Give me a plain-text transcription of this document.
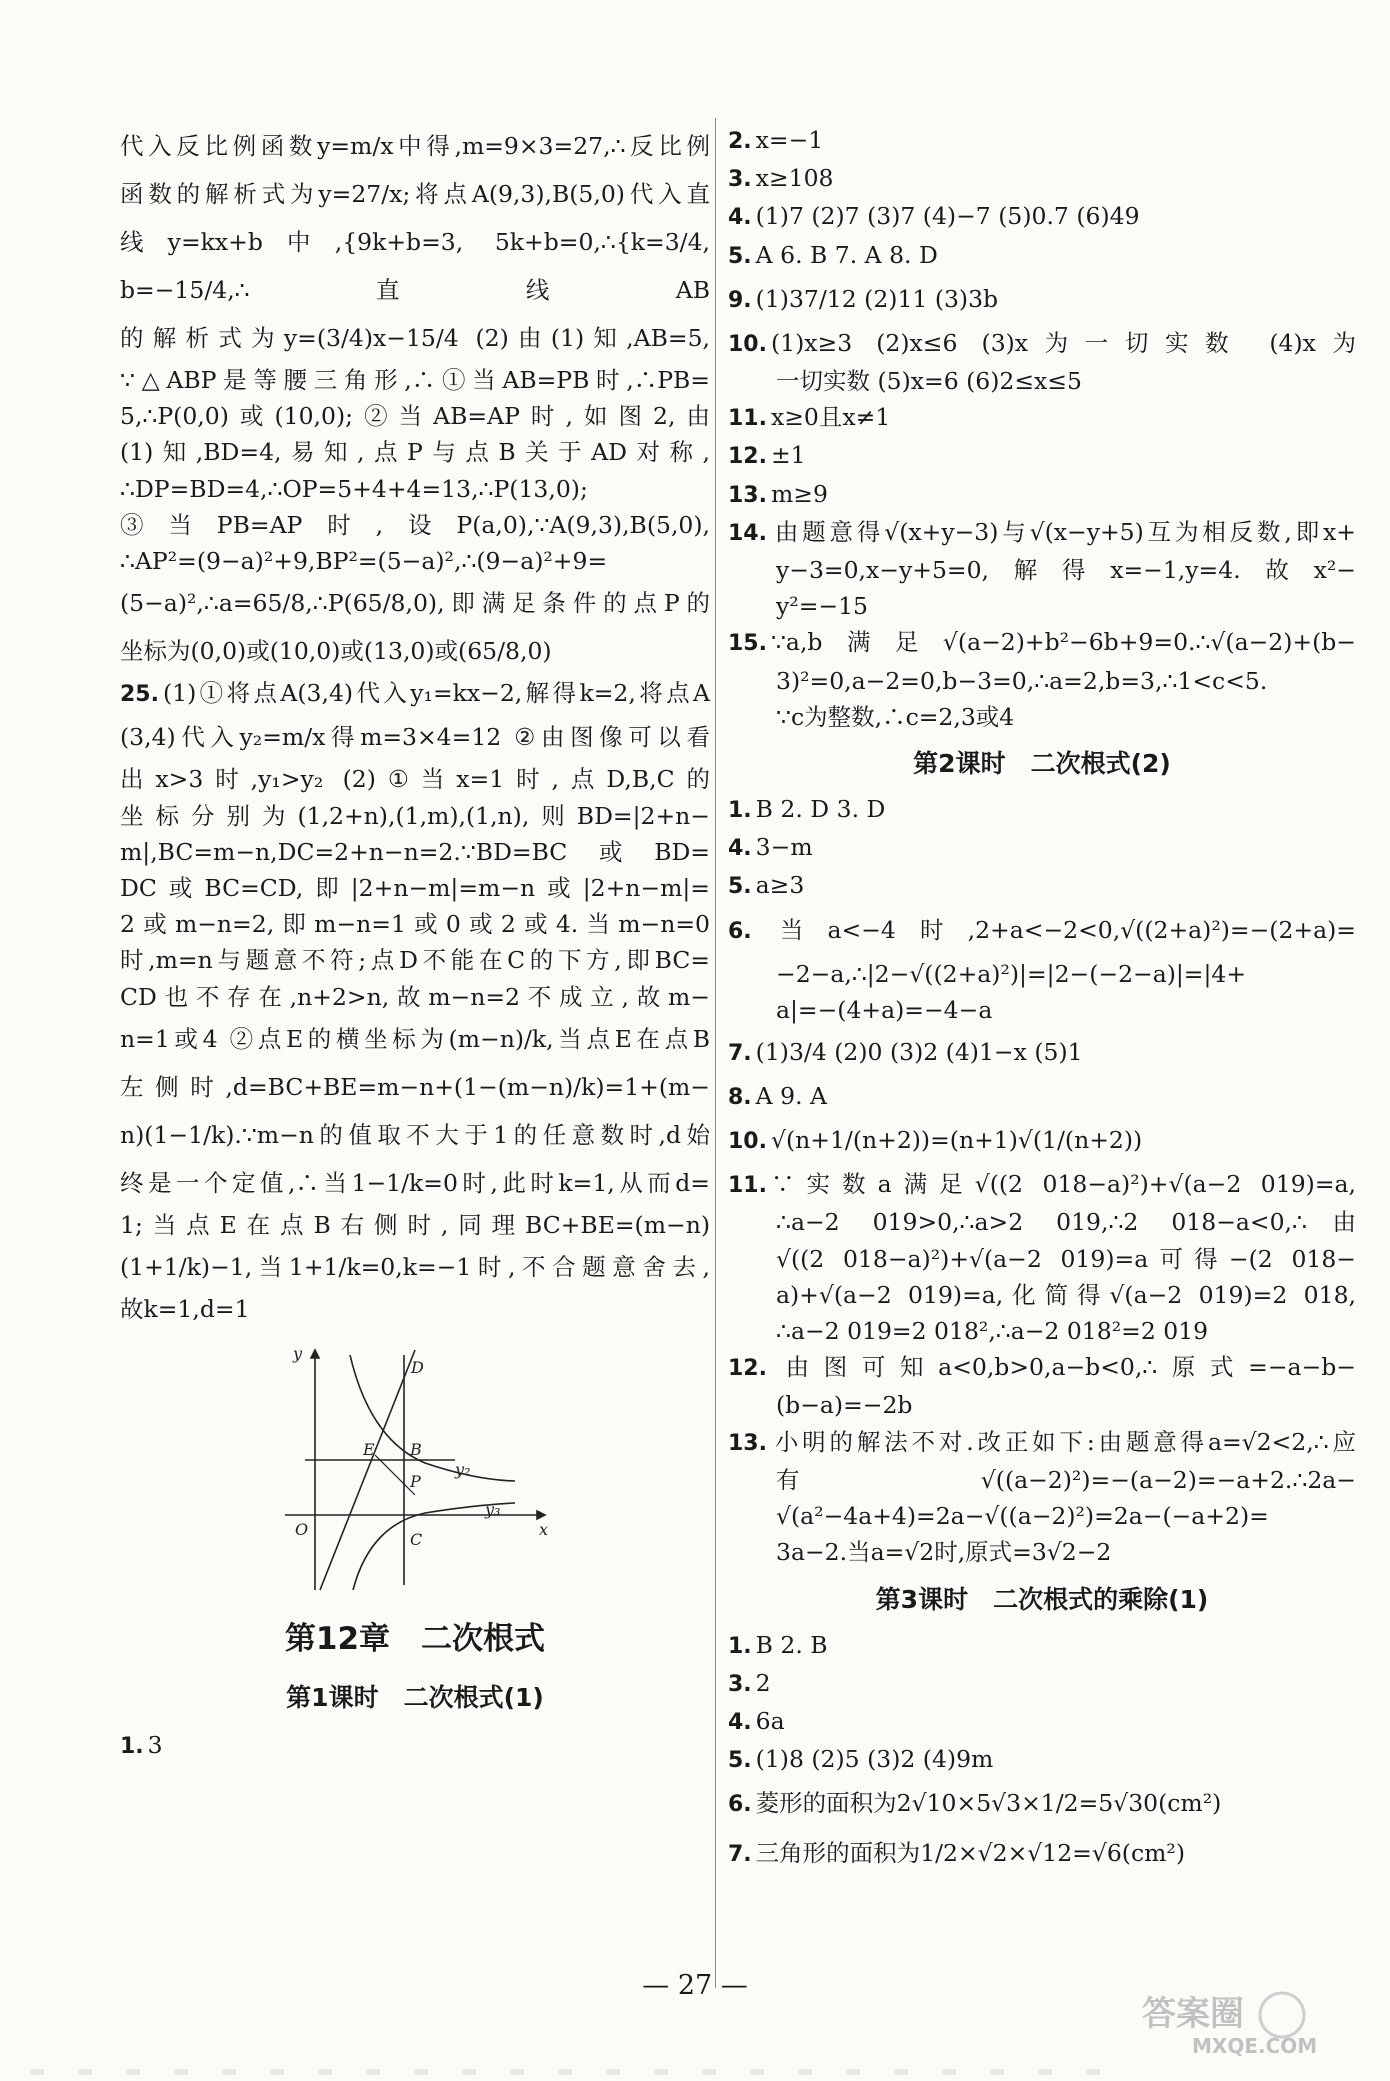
代入反比例函数y=m/x中得,m=9×3=27,∴反比例
函数的解析式为y=27/x;将点A(9,3),B(5,0)代入直
线y=kx+b中,{9k+b=3, 5k+b=0,∴{k=3/4, b=−15/4,∴直线AB
的解析式为y=(3/4)x−15/4 (2)由(1)知,AB=5,
∵△ABP是等腰三角形,∴①当AB=PB时,∴PB=
5,∴P(0,0)或(10,0);②当AB=AP时,如图2,由
(1)知,BD=4,易知,点P与点B关于AD对称,
∴DP=BD=4,∴OP=5+4+4=13,∴P(13,0);
③当PB=AP时,设P(a,0),∵A(9,3),B(5,0),
∴AP²=(9−a)²+9,BP²=(5−a)²,∴(9−a)²+9=
(5−a)²,∴a=65/8,∴P(65/8,0),即满足条件的点P的
坐标为(0,0)或(10,0)或(13,0)或(65/8,0)
25. (1)①将点A(3,4)代入y₁=kx−2,解得k=2,将点A
(3,4)代入y₂=m/x得m=3×4=12 ②由图像可以看
出x>3时,y₁>y₂ (2)①当x=1时,点D,B,C的
坐标分别为(1,2+n),(1,m),(1,n),则BD=|2+n−
m|,BC=m−n,DC=2+n−n=2.∵BD=BC或BD=
DC或BC=CD,即|2+n−m|=m−n或|2+n−m|=
2或m−n=2,即m−n=1或0或2或4.当m−n=0
时,m=n与题意不符;点D不能在C的下方,即BC=
CD也不存在,n+2>n,故m−n=2不成立,故m−
n=1或4 ②点E的横坐标为(m−n)/k,当点E在点B
左侧时,d=BC+BE=m−n+(1−(m−n)/k)=1+(m−
n)(1−1/k).∵m−n的值取不大于1的任意数时,d始
终是一个定值,∴当1−1/k=0时,此时k=1,从而d=
1;当点E在点B右侧时,同理BC+BE=(m−n)
(1+1/k)−1,当1+1/k=0,k=−1时,不合题意舍去,
故k=1,d=1
y
x
O
D
E B
P
C
y₂
y₃
第12章　二次根式
第1课时　二次根式(1)
1. 3
2. x=−1
3. x≥108
4. (1)7 (2)7 (3)7 (4)−7 (5)0.7 (6)49
5. A 6. B 7. A 8. D
9. (1)37/12 (2)11 (3)3b
10. (1)x≥3 (2)x≤6 (3)x为一切实数 (4)x为
一切实数 (5)x=6 (6)2≤x≤5
11. x≥0且x≠1
12. ±1
13. m≥9
14. 由题意得√(x+y−3)与√(x−y+5)互为相反数,即x+
y−3=0,x−y+5=0,解得x=−1,y=4.故x²−
y²=−15
15. ∵a,b满足√(a−2)+b²−6b+9=0.∴√(a−2)+(b−
3)²=0,a−2=0,b−3=0,∴a=2,b=3,∴1<c<5.
∵c为整数,∴c=2,3或4
第2课时　二次根式(2)
1. B 2. D 3. D
4. 3−m
5. a≥3
6. 当a<−4时,2+a<−2<0,√((2+a)²)=−(2+a)=
−2−a,∴|2−√((2+a)²)|=|2−(−2−a)|=|4+
a|=−(4+a)=−4−a
7. (1)3/4 (2)0 (3)2 (4)1−x (5)1
8. A 9. A
10. √(n+1/(n+2))=(n+1)√(1/(n+2))
11. ∵实数a满足√((2 018−a)²)+√(a−2 019)=a,
∴a−2 019>0,∴a>2 019,∴2 018−a<0,∴由
√((2 018−a)²)+√(a−2 019)=a可得−(2 018−
a)+√(a−2 019)=a,化简得√(a−2 019)=2 018,
∴a−2 019=2 018²,∴a−2 018²=2 019
12. 由图可知a<0,b>0,a−b<0,∴原式=−a−b−
(b−a)=−2b
13. 小明的解法不对.改正如下:由题意得a=√2<2,∴应
有√((a−2)²)=−(a−2)=−a+2.∴2a−
√(a²−4a+4)=2a−√((a−2)²)=2a−(−a+2)=
3a−2.当a=√2时,原式=3√2−2
第3课时　二次根式的乘除(1)
1. B 2. B
3. 2
4. 6a
5. (1)8 (2)5 (3)2 (4)9m
6. 菱形的面积为2√10×5√3×1/2=5√30(cm²)
7. 三角形的面积为1/2×√2×√12=√6(cm²)
— 27 —
答案圈
MXQE.COM
